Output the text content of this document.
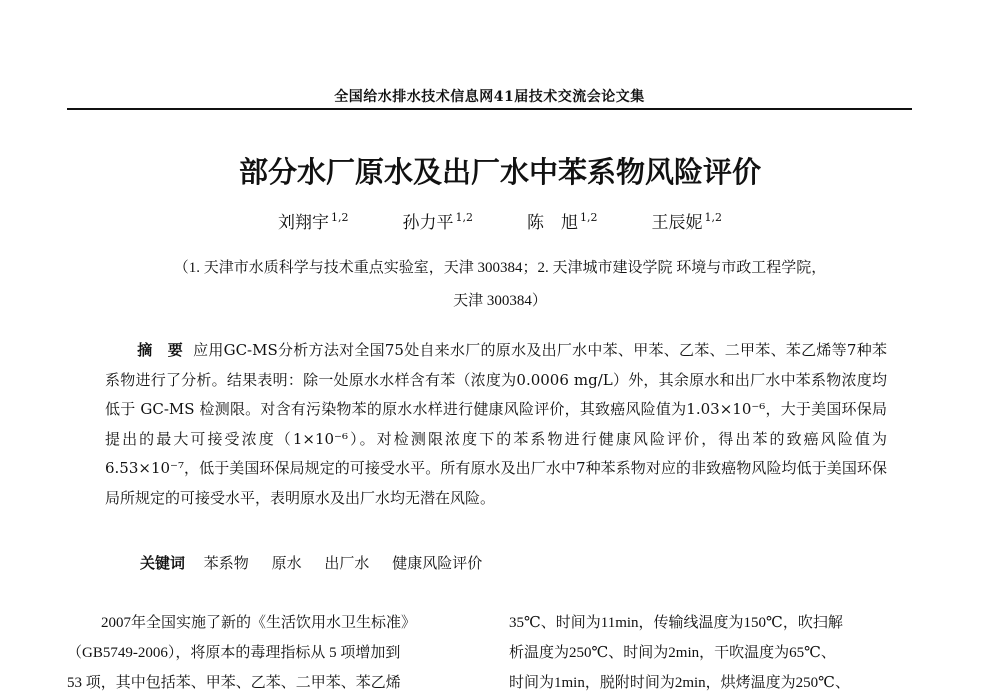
全国给水排水技术信息网41届技术交流会论文集
部分水厂原水及出厂水中苯系物风险评价
刘翔宇 $^{1,2}$	孙力平 $^{1,2}$	陈　旭 $^{1,2}$	王辰妮 $^{1,2}$
（1. 天津市水质科学与技术重点实验室，天津 300384；2. 天津城市建设学院 环境与市政工程学院，
天津 300384）
摘　要 应用GC-MS分析方法对全国75处自来水厂的原水及出厂水中苯、甲苯、乙苯、二甲苯、苯乙烯等7种苯系物进行了分析。结果表明：除一处原水水样含有苯（浓度为0.0006 mg/L）外，其余原水和出厂水中苯系物浓度均低于 GC-MS 检测限。对含有污染物苯的原水水样进行健康风险评价，其致癌风险值为1.03×10⁻⁶，大于美国环保局提出的最大可接受浓度（1×10⁻⁶）。对检测限浓度下的苯系物进行健康风险评价，得出苯的致癌风险值为6.53×10⁻⁷，低于美国环保局规定的可接受水平。所有原水及出厂水中7种苯系物对应的非致癌物风险均低于美国环保局所规定的可接受水平，表明原水及出厂水均无潜在风险。
关键词 苯系物 原水 出厂水 健康风险评价
2007年全国实施了新的《生活饮用水卫生标准》
（GB5749-2006），将原本的毒理指标从 5 项增加到
53 项，其中包括苯、甲苯、乙苯、二甲苯、苯乙烯
35℃、时间为11min，传输线温度为150℃，吹扫解
析温度为250℃、时间为2min，干吹温度为65℃、
时间为1min，脱附时间为2min，烘烤温度为250℃、
